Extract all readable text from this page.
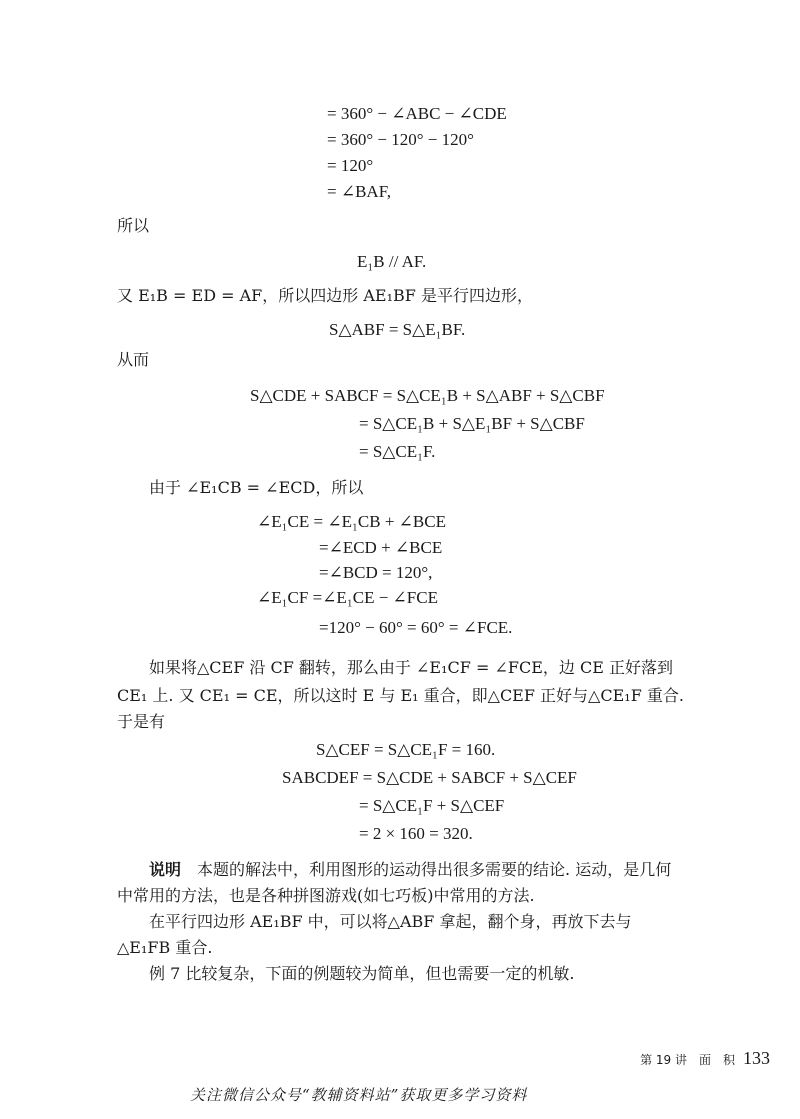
= 360° − ∠ABC − ∠CDE
= 360° − 120° − 120°
= 120°
= ∠BAF,
所以
E₁B // AF.
又 E₁B = ED = AF，所以四边形 AE₁BF 是平行四边形，
S△ABF = S△E₁BF.
从而
S△CDE + SABCF = S△CE₁B + S△ABF + S△CBF
= S△CE₁B + S△E₁BF + S△CBF
= S△CE₁F.
由于 ∠E₁CB = ∠ECD，所以
∠E₁CE = ∠E₁CB + ∠BCE
=∠ECD + ∠BCE
=∠BCD = 120°,
∠E₁CF =∠E₁CE − ∠FCE
=120° − 60° = 60° = ∠FCE.
如果将△CEF 沿 CF 翻转，那么由于 ∠E₁CF = ∠FCE，边 CE 正好落到
CE₁ 上. 又 CE₁ = CE，所以这时 E 与 E₁ 重合，即△CEF 正好与△CE₁F 重合.
于是有
S△CEF = S△CE₁F = 160.
SABCDEF = S△CDE + SABCF + S△CEF
= S△CE₁F + S△CEF
= 2 × 160 = 320.
说明　 本题的解法中，利用图形的运动得出很多需要的结论. 运动，是几何
中常用的方法，也是各种拼图游戏(如七巧板)中常用的方法.
在平行四边形 AE₁BF 中，可以将△ABF 拿起，翻个身，再放下去与
△E₁FB 重合.
例 7 比较复杂，下面的例题较为简单，但也需要一定的机敏.
第 19 讲　面　积 133
关注微信公众号“教辅资料站”获取更多学习资料
